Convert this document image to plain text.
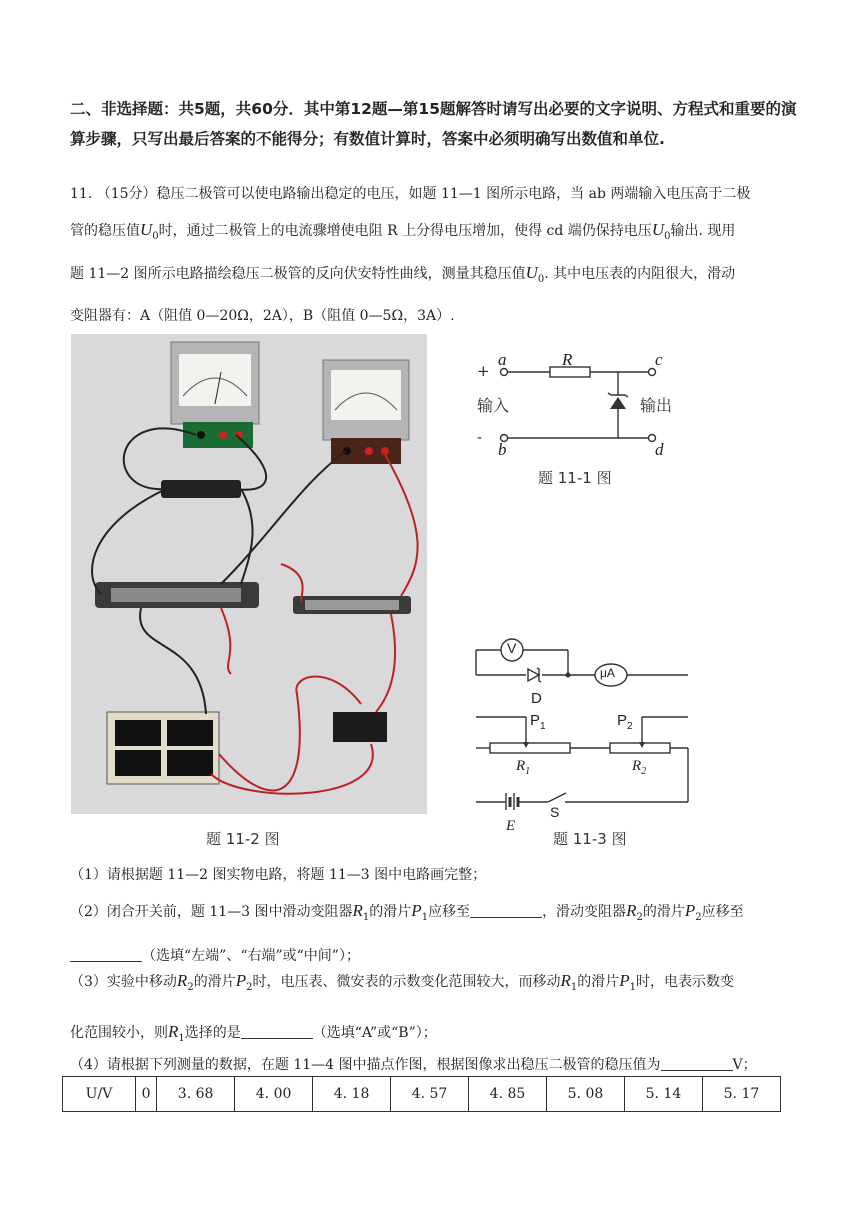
二、非选择题：共5题，共60分．其中第12题—第15题解答时请写出必要的文字说明、方程式和重要的演算步骤，只写出最后答案的不能得分；有数值计算时，答案中必须明确写出数值和单位.
11. （15分）稳压二极管可以使电路输出稳定的电压，如题 11—1 图所示电路，当 ab 两端输入电压高于二极
管的稳压值$U_0$时，通过二极管上的电流骤增使电阻 R 上分得电压增加，使得 cd 端仍保持电压$U_0$输出. 现用
题 11—2 图所示电路描绘稳压二极管的反向伏安特性曲线，测量其稳压值$U_0$. 其中电压表的内阻很大，滑动
变阻器有：A（阻值 0—20Ω，2A），B（阻值 0—5Ω，3A）.
题 11-2 图
a	R	c
+
输入	输出
-
b	d
题 11-1 图
V
μA
D
$P_1$	$P_2$
$R_1$	$R_2$
S
E
题 11-3 图
（1）请根据题 11—2 图实物电路，将题 11—3 图中电路画完整；
（2）闭合开关前，题 11—3 图中滑动变阻器$R_1$的滑片$P_1$应移至	，滑动变阻器$R_2$的滑片$P_2$应移至
（选填“左端”、“右端”或“中间”）；
（3）实验中移动$R_2$的滑片$P_2$时，电压表、微安表的示数变化范围较大，而移动$R_1$的滑片$P_1$时，电表示数变
化范围较小，则$R_1$选择的是	（选填“A”或“B”）；
（4）请根据下列测量的数据，在题 11—4 图中描点作图，根据图像求出稳压二极管的稳压值为	V；
U/V	0	3. 68	4. 00	4. 18	4. 57	4. 85	5. 08	5. 14	5. 17
